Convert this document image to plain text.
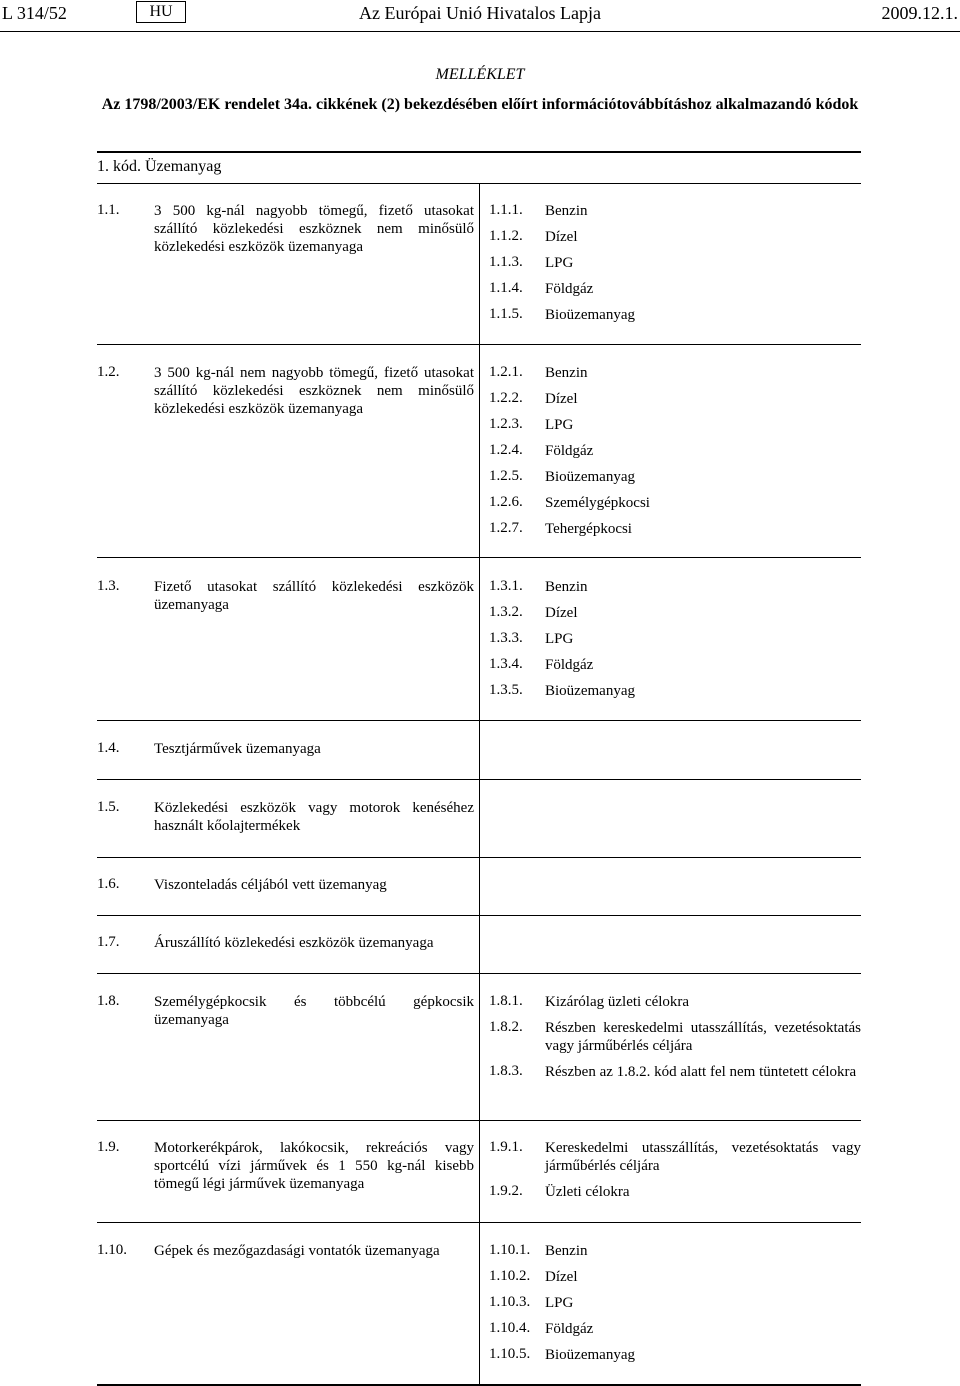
L 314/52	HU	Az Európai Unió Hivatalos Lapja	2009.12.1.
MELLÉKLET
Az 1798/2003/EK rendelet 34a. cikkének (2) bekezdésében előírt információtovábbításhoz alkalmazandó kódok
1. kód. Üzemanyag
1.1.	3 500 kg-nál nagyobb tömegű, fizető utasokat szállító közlekedési eszköznek nem minősülő közlekedési eszközök üzemanyaga
1.1.1.	Benzin
1.1.2.	Dízel
1.1.3.	LPG
1.1.4.	Földgáz
1.1.5.	Bioüzemanyag
1.2.	3 500 kg-nál nem nagyobb tömegű, fizető utasokat szállító közlekedési eszköznek nem minősülő közlekedési eszközök üzemanyaga
1.2.1.	Benzin
1.2.2.	Dízel
1.2.3.	LPG
1.2.4.	Földgáz
1.2.5.	Bioüzemanyag
1.2.6.	Személygépkocsi
1.2.7.	Tehergépkocsi
1.3.	Fizető utasokat szállító közlekedési eszközök üzemanyaga
1.3.1.	Benzin
1.3.2.	Dízel
1.3.3.	LPG
1.3.4.	Földgáz
1.3.5.	Bioüzemanyag
1.4.	Tesztjárművek üzemanyaga
1.5.	Közlekedési eszközök vagy motorok kenéséhez használt kőolajtermékek
1.6.	Viszonteladás céljából vett üzemanyag
1.7.	Áruszállító közlekedési eszközök üzemanyaga
1.8.	Személygépkocsik és többcélú gépkocsik üzemanyaga
1.8.1.	Kizárólag üzleti célokra
1.8.2.	Részben kereskedelmi utasszállítás, vezetésoktatás vagy járműbérlés céljára
1.8.3.	Részben az 1.8.2. kód alatt fel nem tüntetett célokra
1.9.	Motorkerékpárok, lakókocsik, rekreációs vagy sportcélú vízi járművek és 1 550 kg-nál kisebb tömegű légi járművek üzemanyaga
1.9.1.	Kereskedelmi utasszállítás, vezetésoktatás vagy járműbérlés céljára
1.9.2.	Üzleti célokra
1.10.	Gépek és mezőgazdasági vontatók üzemanyaga	1.10.1. Benzin
1.10.2. Dízel
1.10.3. LPG
1.10.4. Földgáz
1.10.5. Bioüzemanyag
